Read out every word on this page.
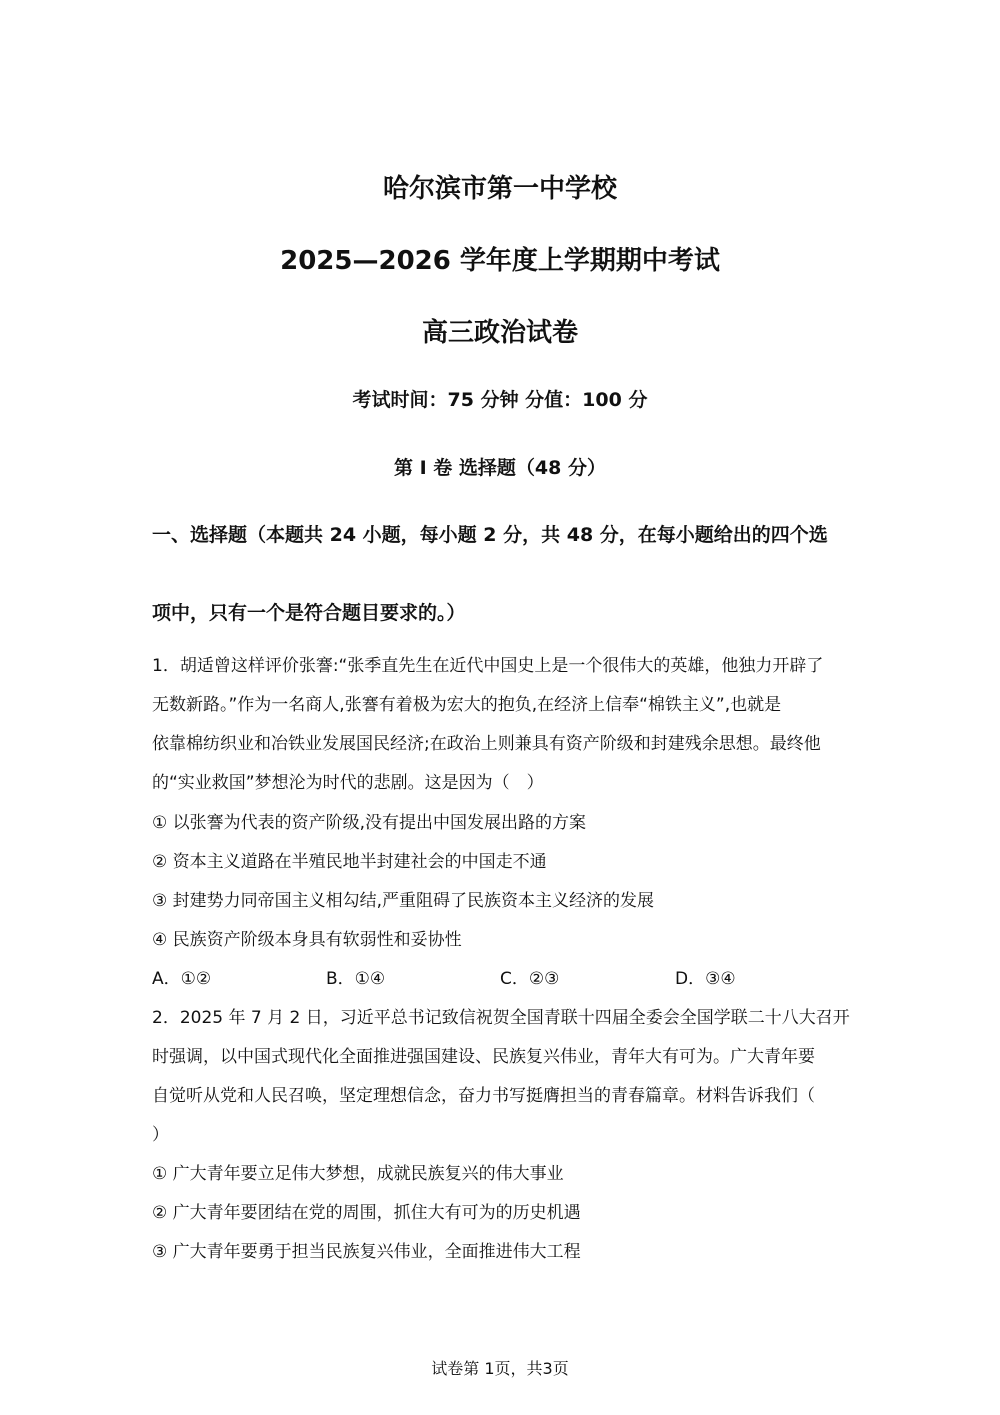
哈尔滨市第一中学校
2025—2026 学年度上学期期中考试
高三政治试卷
考试时间：75 分钟 分值：100 分
第 I 卷 选择题（48 分）
一、选择题（本题共 24 小题，每小题 2 分，共 48 分，在每小题给出的四个选
项中，只有一个是符合题目要求的。）
1．胡适曾这样评价张謇:“张季直先生在近代中国史上是一个很伟大的英雄，他独力开辟了
无数新路。”作为一名商人,张謇有着极为宏大的抱负,在经济上信奉“棉铁主义”,也就是
依靠棉纺织业和冶铁业发展国民经济;在政治上则兼具有资产阶级和封建残余思想。最终他
的“实业救国”梦想沦为时代的悲剧。这是因为（　）
① 以张謇为代表的资产阶级,没有提出中国发展出路的方案
② 资本主义道路在半殖民地半封建社会的中国走不通
③ 封建势力同帝国主义相勾结,严重阻碍了民族资本主义经济的发展
④ 民族资产阶级本身具有软弱性和妥协性
A．①②	B．①④	C．②③	D．③④
2．2025 年 7 月 2 日，习近平总书记致信祝贺全国青联十四届全委会全国学联二十八大召开
时强调，以中国式现代化全面推进强国建设、民族复兴伟业，青年大有可为。广大青年要
自觉听从党和人民召唤，坚定理想信念，奋力书写挺膺担当的青春篇章。材料告诉我们（
）
① 广大青年要立足伟大梦想，成就民族复兴的伟大事业
② 广大青年要团结在党的周围，抓住大有可为的历史机遇
③ 广大青年要勇于担当民族复兴伟业，全面推进伟大工程
试卷第 1页，共3页
